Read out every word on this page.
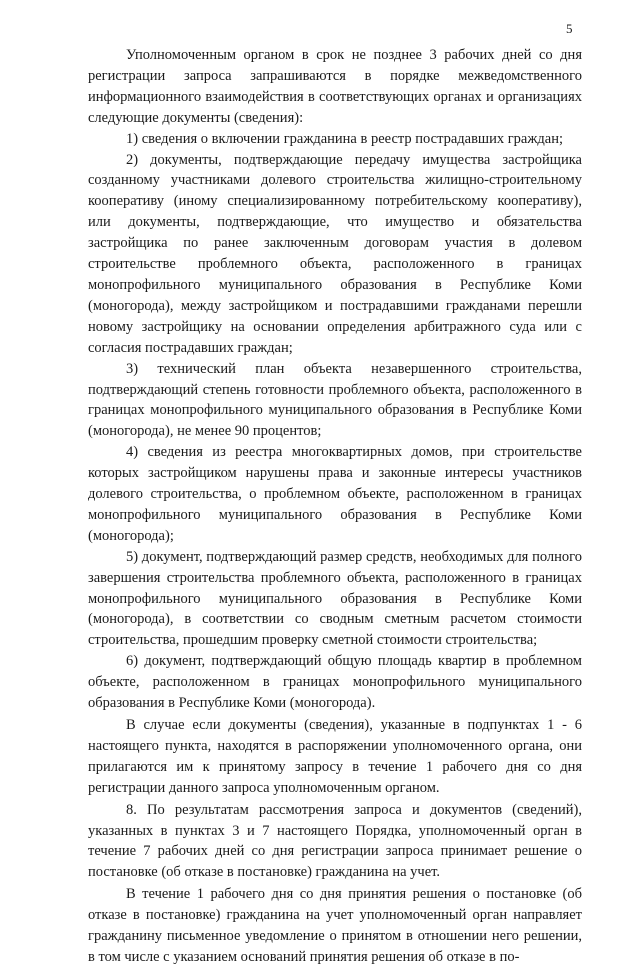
5

Уполномоченным органом в срок не позднее 3 рабочих дней со дня регистрации запроса запрашиваются в порядке межведомственного информационного взаимодействия в соответствующих органах и организациях следующие документы (сведения):

1) сведения о включении гражданина в реестр пострадавших граждан;

2) документы, подтверждающие передачу имущества застройщика созданному участниками долевого строительства жилищно-строительному кооперативу (иному специализированному потребительскому кооперативу), или документы, подтверждающие, что имущество и обязательства застройщика по ранее заключенным договорам участия в долевом строительстве проблемного объекта, расположенного в границах монопрофильного муниципального образования в Республике Коми (моногорода), между застройщиком и пострадавшими гражданами перешли новому застройщику на основании определения арбитражного суда или с согласия пострадавших граждан;

3) технический план объекта незавершенного строительства, подтверждающий степень готовности проблемного объекта, расположенного в границах монопрофильного муниципального образования в Республике Коми (моногорода), не менее 90 процентов;

4) сведения из реестра многоквартирных домов, при строительстве которых застройщиком нарушены права и законные интересы участников долевого строительства, о проблемном объекте, расположенном в границах монопрофильного муниципального образования в Республике Коми (моногорода);

5) документ, подтверждающий размер средств, необходимых для полного завершения строительства проблемного объекта, расположенного в границах монопрофильного муниципального образования в Республике Коми (моногорода), в соответствии со сводным сметным расчетом стоимости строительства, прошедшим проверку сметной стоимости строительства;

6) документ, подтверждающий общую площадь квартир в проблемном объекте, расположенном в границах монопрофильного муниципального образования в Республике Коми (моногорода).

В случае если документы (сведения), указанные в подпунктах 1 - 6 настоящего пункта, находятся в распоряжении уполномоченного органа, они прилагаются им к принятому запросу в течение 1 рабочего дня со дня регистрации данного запроса уполномоченным органом.

8. По результатам рассмотрения запроса и документов (сведений), указанных в пунктах 3 и 7 настоящего Порядка, уполномоченный орган в течение 7 рабочих дней со дня регистрации запроса принимает решение о постановке (об отказе в постановке) гражданина на учет.

В течение 1 рабочего дня со дня принятия решения о постановке (об отказе в постановке) гражданина на учет уполномоченный орган направляет гражданину письменное уведомление о принятом в отношении него решении, в том числе с указанием оснований принятия решения об отказе в по-
